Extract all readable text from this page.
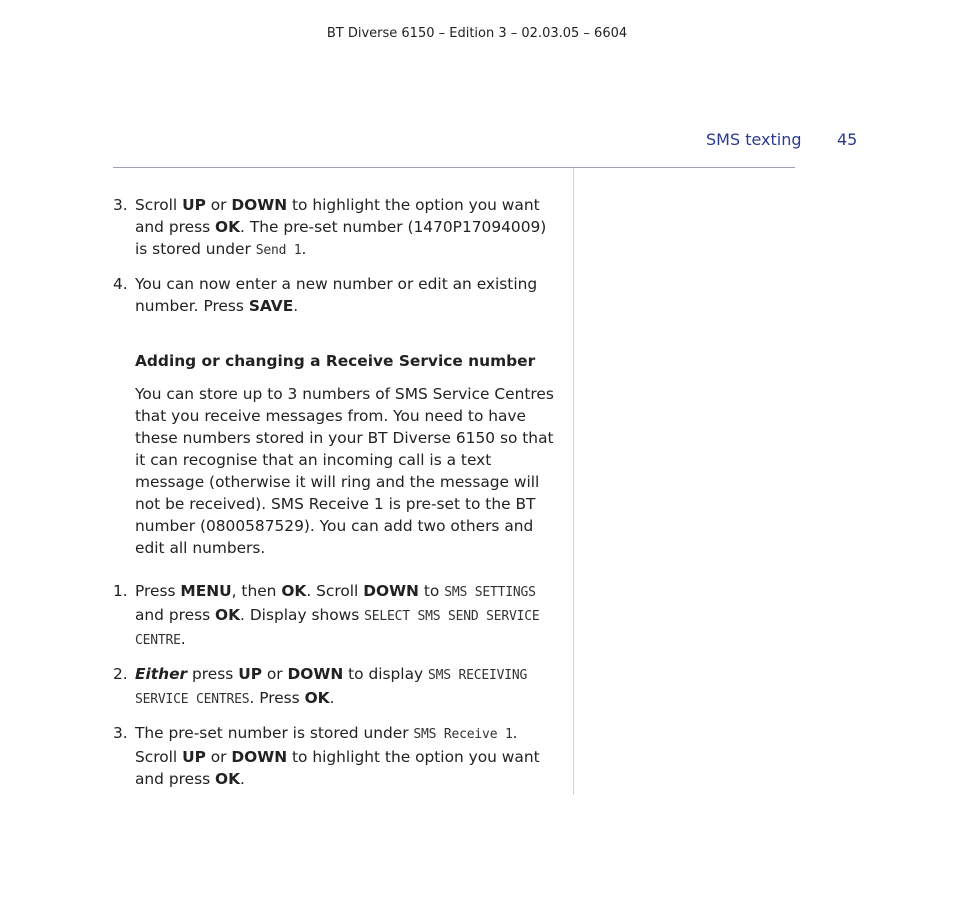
BT Diverse 6150 – Edition 3 – 02.03.05 – 6604
SMS texting 45

3. Scroll UP or DOWN to highlight the option you want and press OK. The pre-set number (1470P17094009) is stored under Send 1.

4. You can now enter a new number or edit an existing number. Press SAVE.

Adding or changing a Receive Service number

You can store up to 3 numbers of SMS Service Centres that you receive messages from. You need to have these numbers stored in your BT Diverse 6150 so that it can recognise that an incoming call is a text message (otherwise it will ring and the message will not be received). SMS Receive 1 is pre-set to the BT number (0800587529). You can add two others and edit all numbers.

1. Press MENU, then OK. Scroll DOWN to SMS SETTINGS and press OK. Display shows SELECT SMS SEND SERVICE CENTRE.

2. Either press UP or DOWN to display SMS RECEIVING SERVICE CENTRES. Press OK.

3. The pre-set number is stored under SMS Receive 1. Scroll UP or DOWN to highlight the option you want and press OK.
